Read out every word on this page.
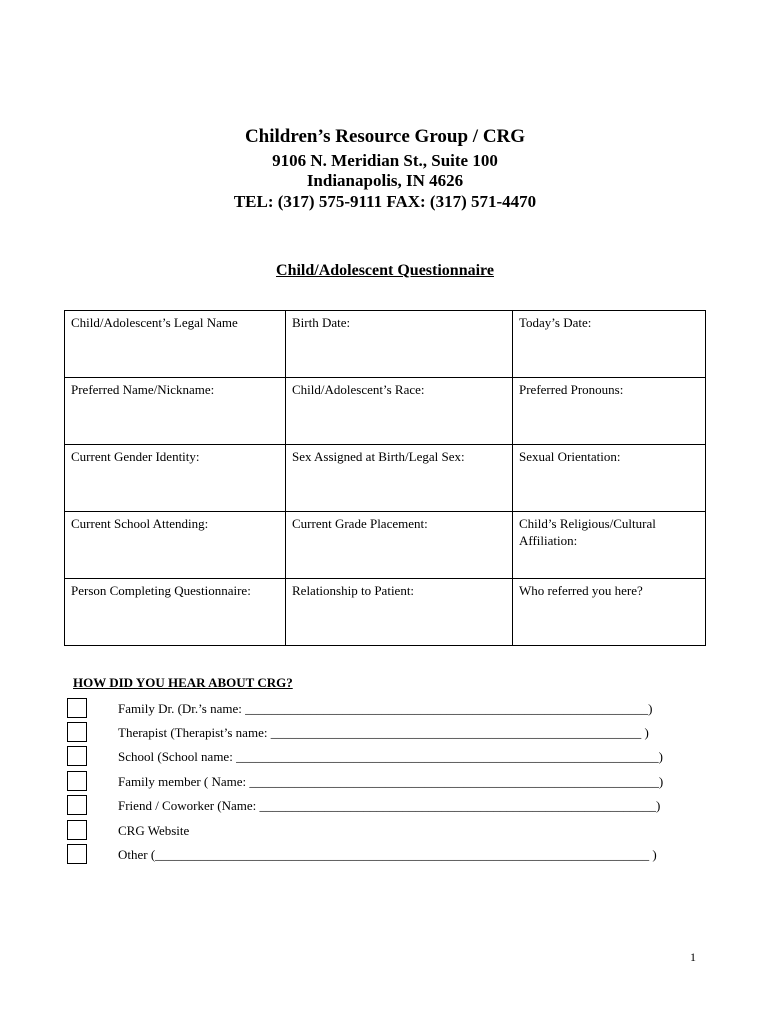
Children’s Resource Group / CRG
9106 N. Meridian St., Suite 100
Indianapolis, IN 4626
TEL: (317) 575-9111 FAX: (317) 571-4470
Child/Adolescent Questionnaire
Child/Adolescent’s Legal Name	Birth Date:	Today’s Date:
Preferred Name/Nickname:	Child/Adolescent’s Race:	Preferred Pronouns:
Current Gender Identity:	Sex Assigned at Birth/Legal Sex:	Sexual Orientation:
Current School Attending:	Current Grade Placement:	Child’s Religious/Cultural Affiliation:
Person Completing Questionnaire:	Relationship to Patient:	Who referred you here?
HOW DID YOU HEAR ABOUT CRG?
Family Dr. (Dr.’s name: ______________________________________________________________)
Therapist (Therapist’s name: _________________________________________________________ )
School (School name: _________________________________________________________________)
Family member ( Name: _______________________________________________________________)
Friend / Coworker (Name: _____________________________________________________________)
CRG Website
Other (____________________________________________________________________________ )
1
